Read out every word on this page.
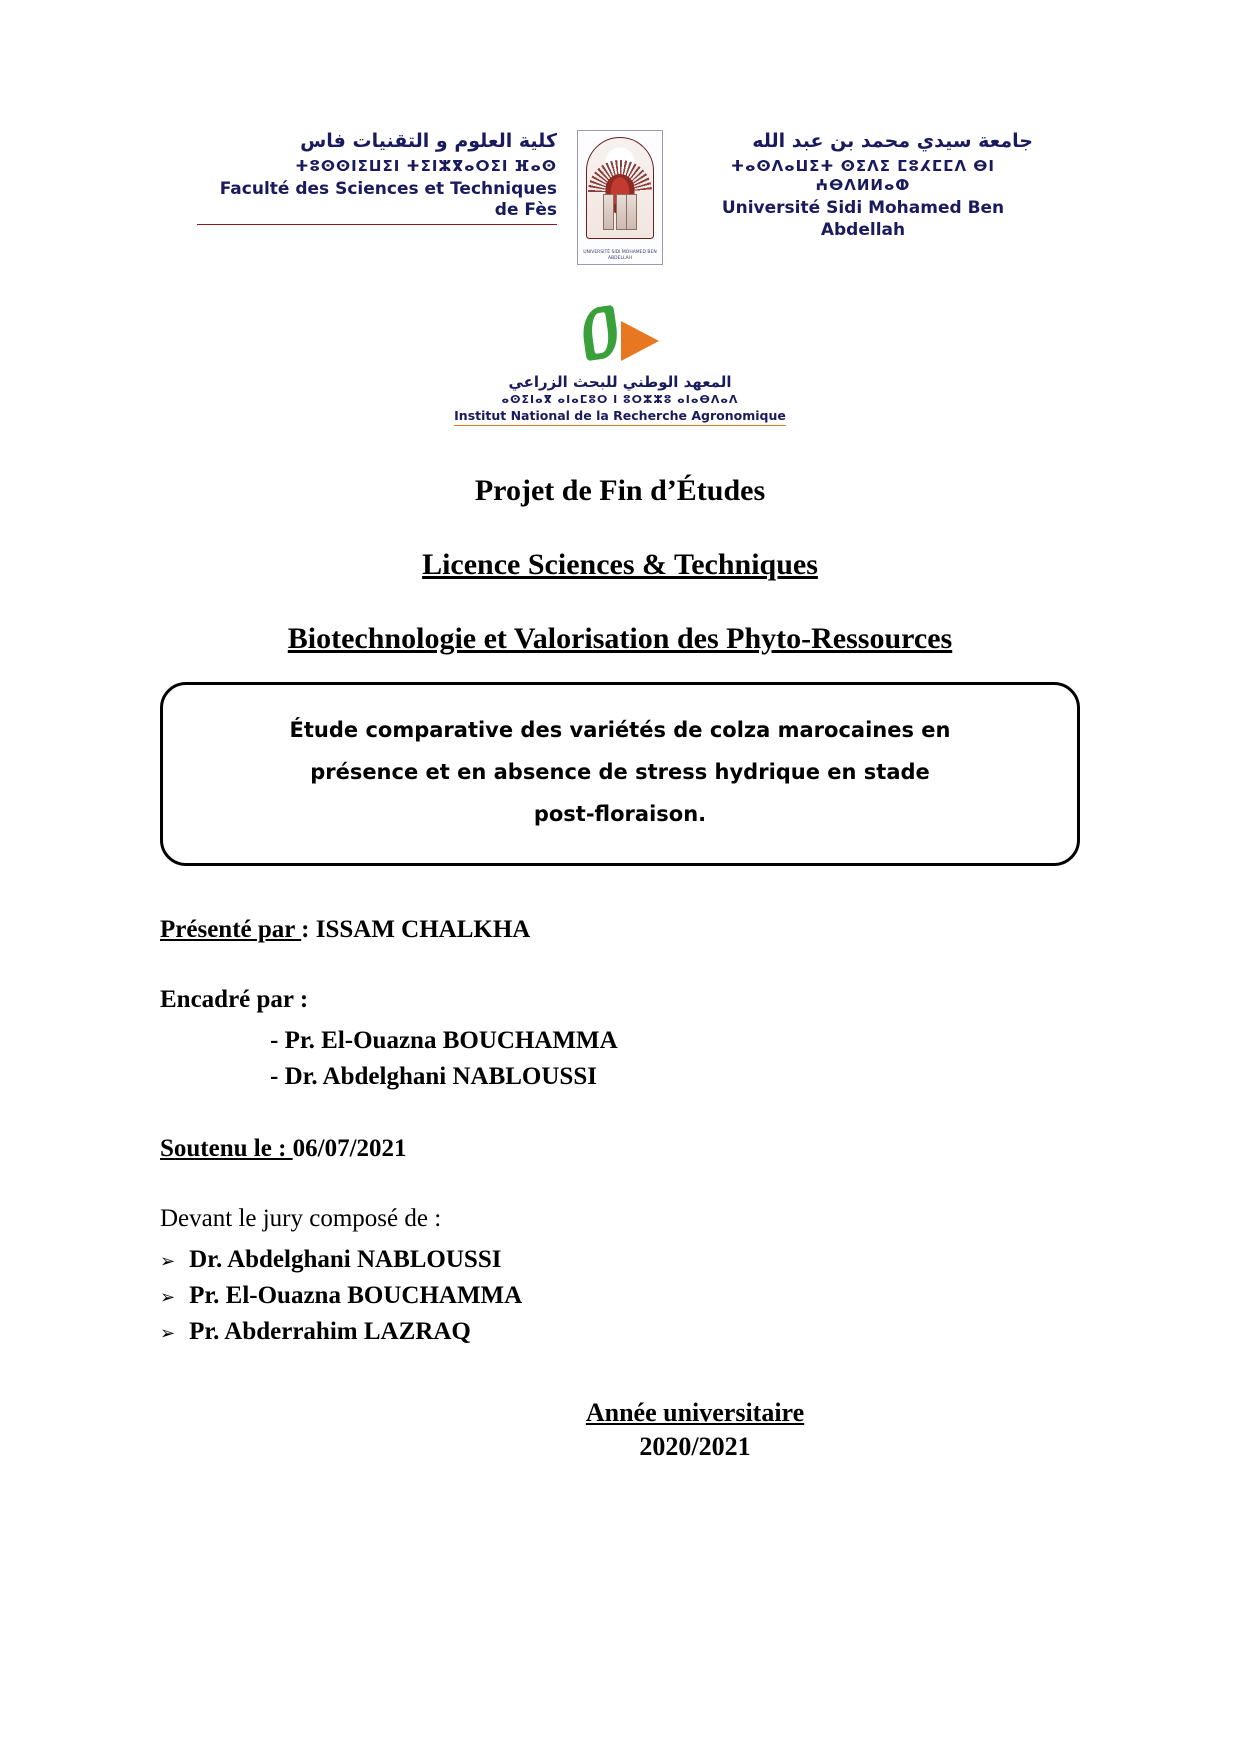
كلية العلوم و التقنيات فاس
ⵜⵓⵙⵙⵏⵉⵡⵉⵏ ⵜⵉⵏⵣⴳⴰⵔⵉⵏ ⴼⴰⵙ
Faculté des Sciences et Techniques de Fès
UNIVERSITÉ SIDI MOHAMED BEN ABDELLAH
جامعة سيدي محمد بن عبد الله
ⵜⴰⵙⴷⴰⵡⵉⵜ ⵙⵉⴷⵉ ⵎⵓⵃⵎⵎⴷ ⴱⵏ ⵄⴱⴷⵍⵍⴰⵀ
Université Sidi Mohamed Ben Abdellah
المعهد الوطني للبحث الزراعي
ⴰⵙⵉⵏⴰⴳ ⴰⵏⴰⵎⵓⵔ ⵏ ⵓⵔⵣⵣⵓ ⴰⵏⴰⴱⴷⴰⴷ
Institut National de la Recherche Agronomique
Projet de Fin d’Études
Licence Sciences & Techniques
Biotechnologie et Valorisation des Phyto-Ressources
Étude comparative des variétés de colza marocaines en
présence et en absence de stress hydrique en stade
post-floraison.
Présenté par : ISSAM CHALKHA
Encadré par :
- Pr. El-Ouazna BOUCHAMMA
- Dr. Abdelghani NABLOUSSI
Soutenu le : 06/07/2021
Devant le jury composé de :
➢ Dr. Abdelghani NABLOUSSI
➢ Pr. El-Ouazna BOUCHAMMA
➢ Pr. Abderrahim LAZRAQ
Année universitaire
2020/2021
